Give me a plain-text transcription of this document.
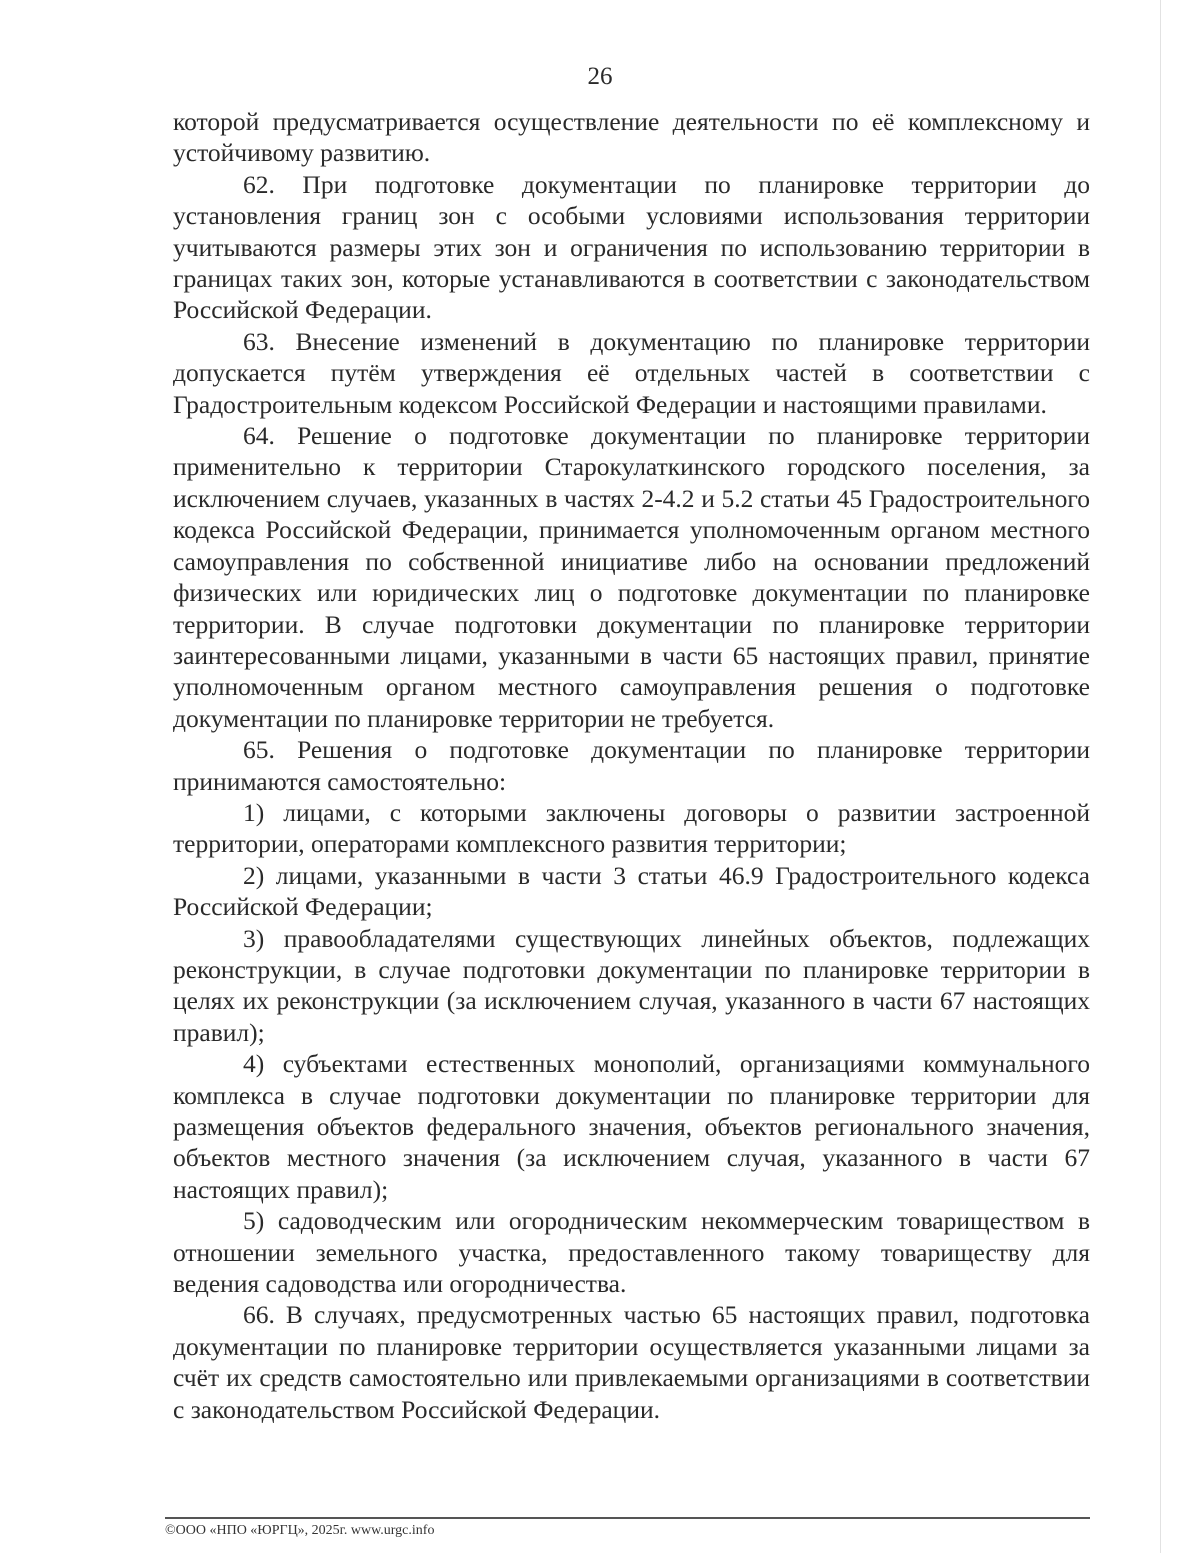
26

которой предусматривается осуществление деятельности по её комплексному и устойчивому развитию.

62. При подготовке документации по планировке территории до установления границ зон с особыми условиями использования территории учитываются размеры этих зон и ограничения по использованию территории в границах таких зон, которые устанавливаются в соответствии с законодательством Российской Федерации.

63. Внесение изменений в документацию по планировке территории допускается путём утверждения её отдельных частей в соответствии с Градостроительным кодексом Российской Федерации и настоящими правилами.

64. Решение о подготовке документации по планировке территории применительно к территории Старокулаткинского городского поселения, за исключением случаев, указанных в частях 2-4.2 и 5.2 статьи 45 Градостроительного кодекса Российской Федерации, принимается уполномоченным органом местного самоуправления по собственной инициативе либо на основании предложений физических или юридических лиц о подготовке документации по планировке территории. В случае подготовки документации по планировке территории заинтересованными лицами, указанными в части 65 настоящих правил, принятие уполномоченным органом местного самоуправления решения о подготовке документации по планировке территории не требуется.

65. Решения о подготовке документации по планировке территории принимаются самостоятельно:

1) лицами, с которыми заключены договоры о развитии застроенной территории, операторами комплексного развития территории;

2) лицами, указанными в части 3 статьи 46.9 Градостроительного кодекса Российской Федерации;

3) правообладателями существующих линейных объектов, подлежащих реконструкции, в случае подготовки документации по планировке территории в целях их реконструкции (за исключением случая, указанного в части 67 настоящих правил);

4) субъектами естественных монополий, организациями коммунального комплекса в случае подготовки документации по планировке территории для размещения объектов федерального значения, объектов регионального значения, объектов местного значения (за исключением случая, указанного в части 67 настоящих правил);

5) садоводческим или огородническим некоммерческим товариществом в отношении земельного участка, предоставленного такому товариществу для ведения садоводства или огородничества.

66. В случаях, предусмотренных частью 65 настоящих правил, подготовка документации по планировке территории осуществляется указанными лицами за счёт их средств самостоятельно или привлекаемыми организациями в соответствии с законодательством Российской Федерации.

©ООО «НПО «ЮРГЦ», 2025г. www.urgc.info
